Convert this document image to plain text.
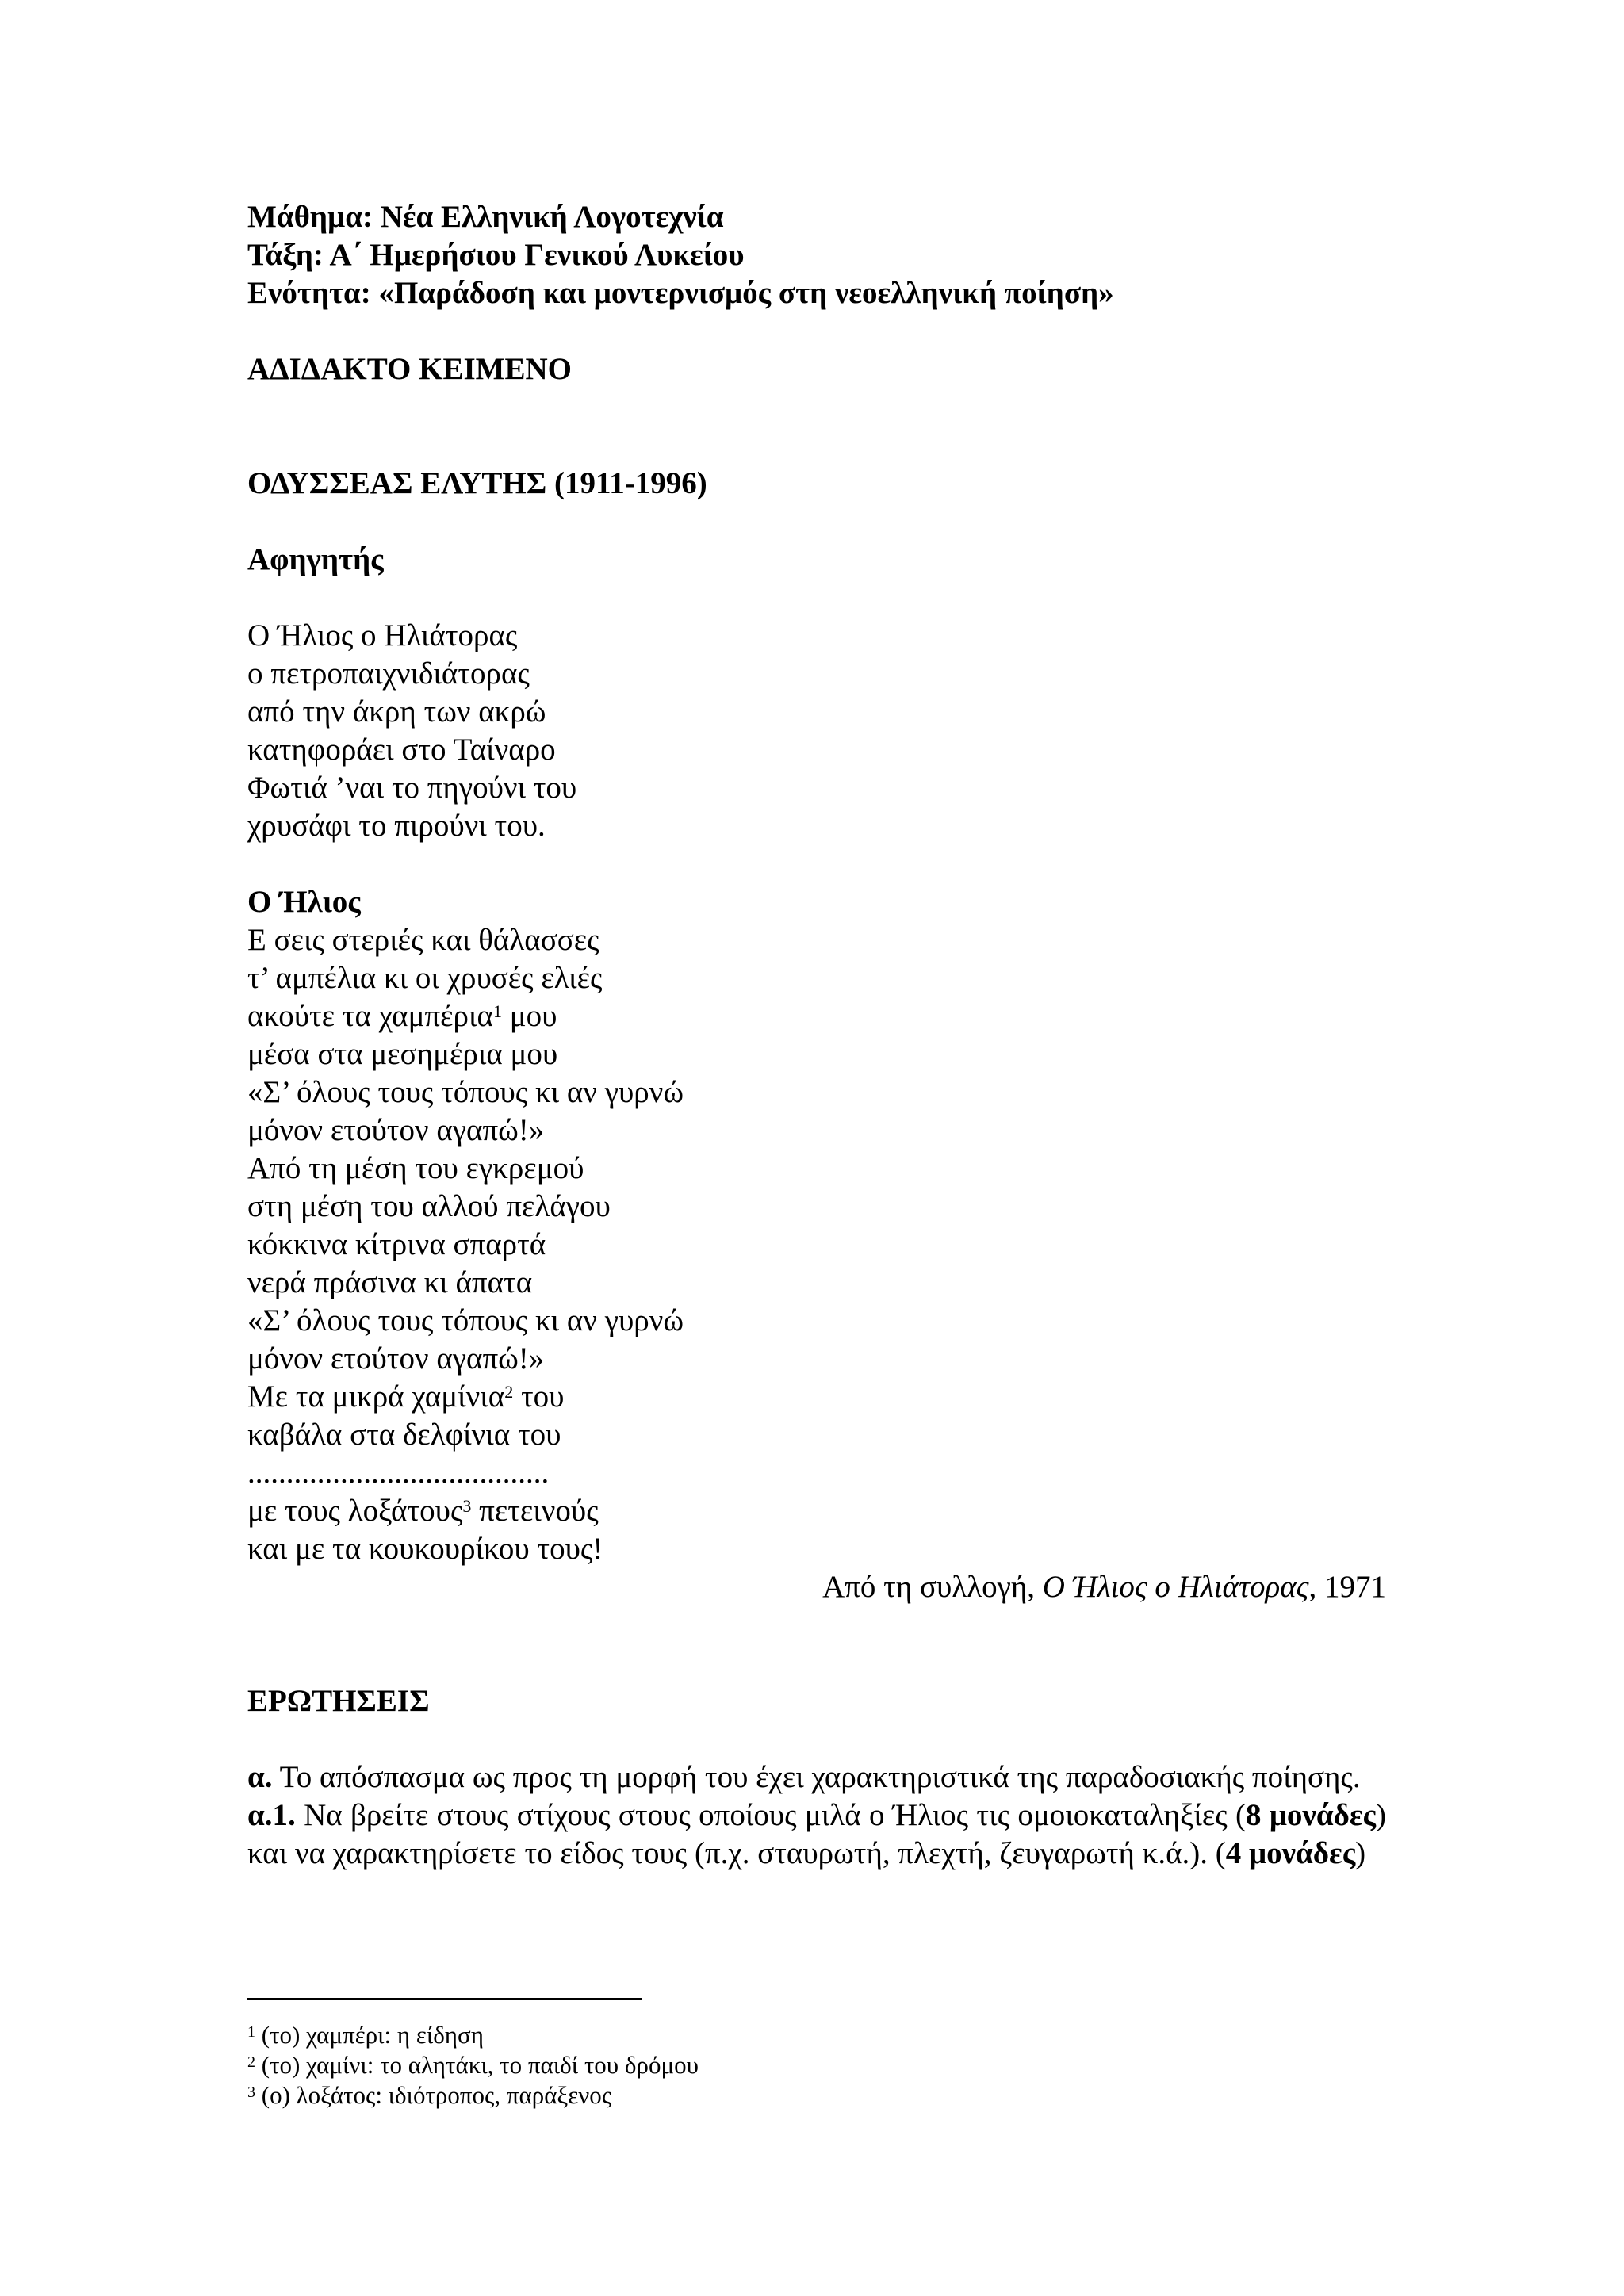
Μάθημα: Νέα Ελληνική Λογοτεχνία
Τάξη: Α΄ Ημερήσιου Γενικού Λυκείου
Ενότητα: «Παράδοση και μοντερνισμός στη νεοελληνική ποίηση»
ΑΔΙΔΑΚΤΟ ΚΕΙΜΕΝΟ
ΟΔΥΣΣΕΑΣ ΕΛΥΤΗΣ (1911-1996)
Αφηγητής
Ο Ήλιος ο Ηλιάτορας
ο πετροπαιχνιδιάτορας
από την άκρη των ακρώ
κατηφοράει στο Ταίναρο
Φωτιά ’ναι το πηγούνι του
χρυσάφι το πιρούνι του.
Ο Ήλιος
Ε σεις στεριές και θάλασσες
τ’ αμπέλια κι οι χρυσές ελιές
ακούτε τα χαμπέρια$^1$ μου
μέσα στα μεσημέρια μου
«Σ’ όλους τους τόπους κι αν γυρνώ
μόνον ετούτον αγαπώ!»
Από τη μέση του εγκρεμού
στη μέση του αλλού πελάγου
κόκκινα κίτρινα σπαρτά
νερά πράσινα κι άπατα
«Σ’ όλους τους τόπους κι αν γυρνώ
μόνον ετούτον αγαπώ!»
Με τα μικρά χαμίνια$^2$ του
καβάλα στα δελφίνια του
.......................................
με τους λοξάτους$^3$ πετεινούς
και με τα κουκουρίκου τους!
Από τη συλλογή, Ο Ήλιος ο Ηλιάτορας, 1971
ΕΡΩΤΗΣΕΙΣ
α. Το απόσπασμα ως προς τη μορφή του έχει χαρακτηριστικά της παραδοσιακής ποίησης.
α.1. Να βρείτε στους στίχους στους οποίους μιλά ο Ήλιος τις ομοιοκαταληξίες (8 μονάδες) και να χαρακτηρίσετε το είδος τους (π.χ. σταυρωτή, πλεχτή, ζευγαρωτή κ.ά.). (4 μονάδες)
$^1$ (το) χαμπέρι: η είδηση
$^2$ (το) χαμίνι: το αλητάκι, το παιδί του δρόμου
$^3$ (ο) λοξάτος: ιδιότροπος, παράξενος
